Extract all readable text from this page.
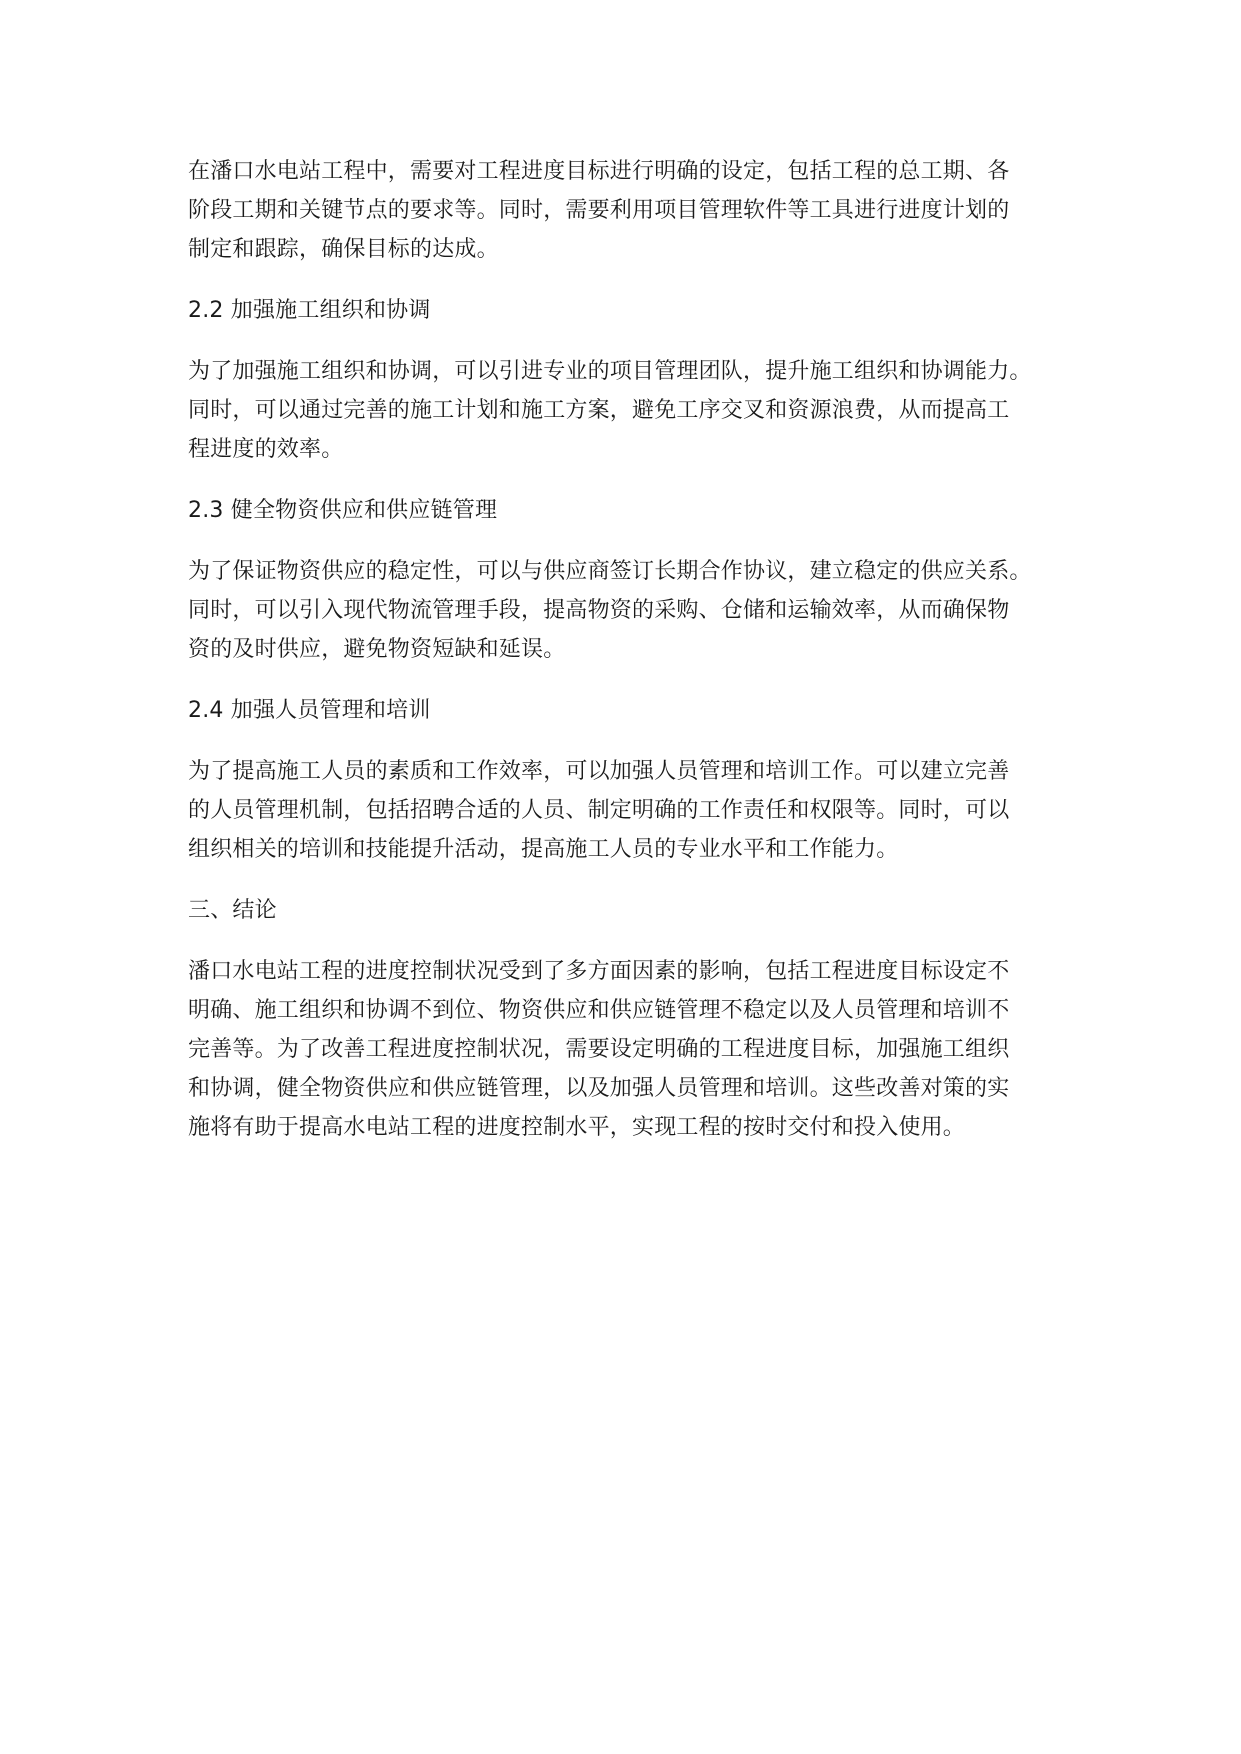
在潘口水电站工程中，需要对工程进度目标进行明确的设定，包括工程的总工期、各
阶段工期和关键节点的要求等。同时，需要利用项目管理软件等工具进行进度计划的
制定和跟踪，确保目标的达成。

2.2 加强施工组织和协调

为了加强施工组织和协调，可以引进专业的项目管理团队，提升施工组织和协调能力。
同时，可以通过完善的施工计划和施工方案，避免工序交叉和资源浪费，从而提高工
程进度的效率。

2.3 健全物资供应和供应链管理

为了保证物资供应的稳定性，可以与供应商签订长期合作协议，建立稳定的供应关系。
同时，可以引入现代物流管理手段，提高物资的采购、仓储和运输效率，从而确保物
资的及时供应，避免物资短缺和延误。

2.4 加强人员管理和培训

为了提高施工人员的素质和工作效率，可以加强人员管理和培训工作。可以建立完善
的人员管理机制，包括招聘合适的人员、制定明确的工作责任和权限等。同时，可以
组织相关的培训和技能提升活动，提高施工人员的专业水平和工作能力。

三、结论

潘口水电站工程的进度控制状况受到了多方面因素的影响，包括工程进度目标设定不
明确、施工组织和协调不到位、物资供应和供应链管理不稳定以及人员管理和培训不
完善等。为了改善工程进度控制状况，需要设定明确的工程进度目标，加强施工组织
和协调，健全物资供应和供应链管理，以及加强人员管理和培训。这些改善对策的实
施将有助于提高水电站工程的进度控制水平，实现工程的按时交付和投入使用。
